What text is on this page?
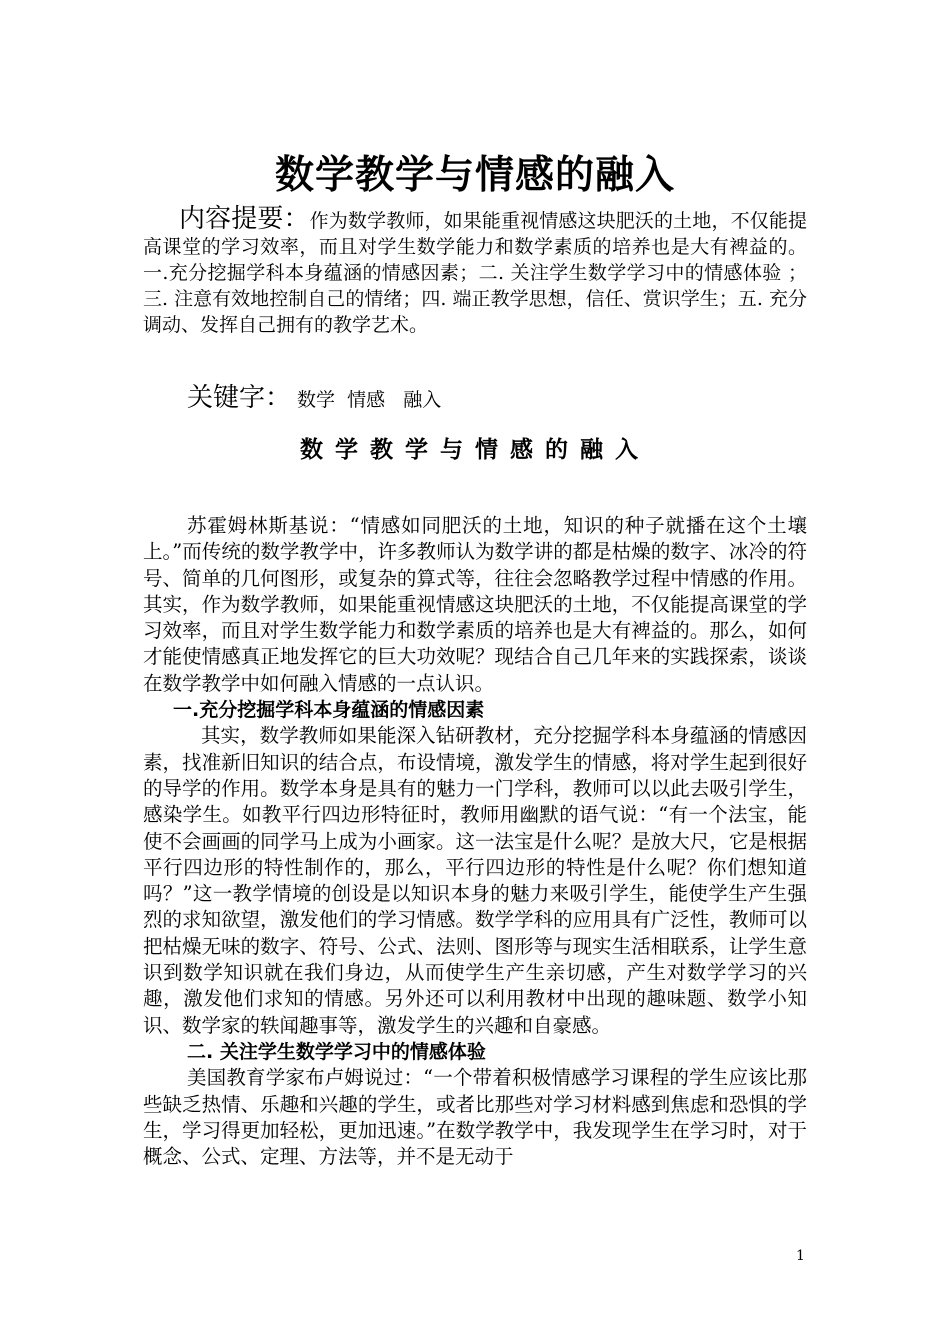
数学教学与情感的融入
内容提要：作为数学教师，如果能重视情感这块肥沃的土地，不仅能提高课堂的学习效率，而且对学生数学能力和数学素质的培养也是大有裨益的。一.充分挖掘学科本身蕴涵的情感因素；二. 关注学生数学学习中的情感体验 ； 三. 注意有效地控制自己的情绪；四. 端正教学思想，信任、赏识学生；五. 充分调动、发挥自己拥有的教学艺术。
关键字： 数学  情感   融入
数学教学与情感的融入

苏霍姆林斯基说：“情感如同肥沃的土地，知识的种子就播在这个土壤上。”而传统的数学教学中，许多教师认为数学讲的都是枯燥的数字、冰冷的符号、简单的几何图形，或复杂的算式等，往往会忽略教学过程中情感的作用。其实，作为数学教师，如果能重视情感这块肥沃的土地，不仅能提高课堂的学习效率，而且对学生数学能力和数学素质的培养也是大有裨益的。那么，如何才能使情感真正地发挥它的巨大功效呢？现结合自己几年来的实践探索，谈谈在数学教学中如何融入情感的一点认识。

一.充分挖掘学科本身蕴涵的情感因素

其实，数学教师如果能深入钻研教材，充分挖掘学科本身蕴涵的情感因素，找准新旧知识的结合点，布设情境，激发学生的情感，将对学生起到很好的导学的作用。数学本身是具有的魅力一门学科，教师可以以此去吸引学生，感染学生。如教平行四边形特征时，教师用幽默的语气说：“有一个法宝，能使不会画画的同学马上成为小画家。这一法宝是什么呢？是放大尺，它是根据平行四边形的特性制作的，那么，平行四边形的特性是什么呢？你们想知道吗？”这一教学情境的创设是以知识本身的魅力来吸引学生，能使学生产生强烈的求知欲望，激发他们的学习情感。数学学科的应用具有广泛性，教师可以把枯燥无味的数字、符号、公式、法则、图形等与现实生活相联系，让学生意识到数学知识就在我们身边，从而使学生产生亲切感，产生对数学学习的兴趣，激发他们求知的情感。另外还可以利用教材中出现的趣味题、数学小知识、数学家的轶闻趣事等，激发学生的兴趣和自豪感。

二. 关注学生数学学习中的情感体验

美国教育学家布卢姆说过：“一个带着积极情感学习课程的学生应该比那些缺乏热情、乐趣和兴趣的学生，或者比那些对学习材料感到焦虑和恐惧的学生，学习得更加轻松，更加迅速。”在数学教学中，我发现学生在学习时，对于概念、公式、定理、方法等，并不是无动于

1
